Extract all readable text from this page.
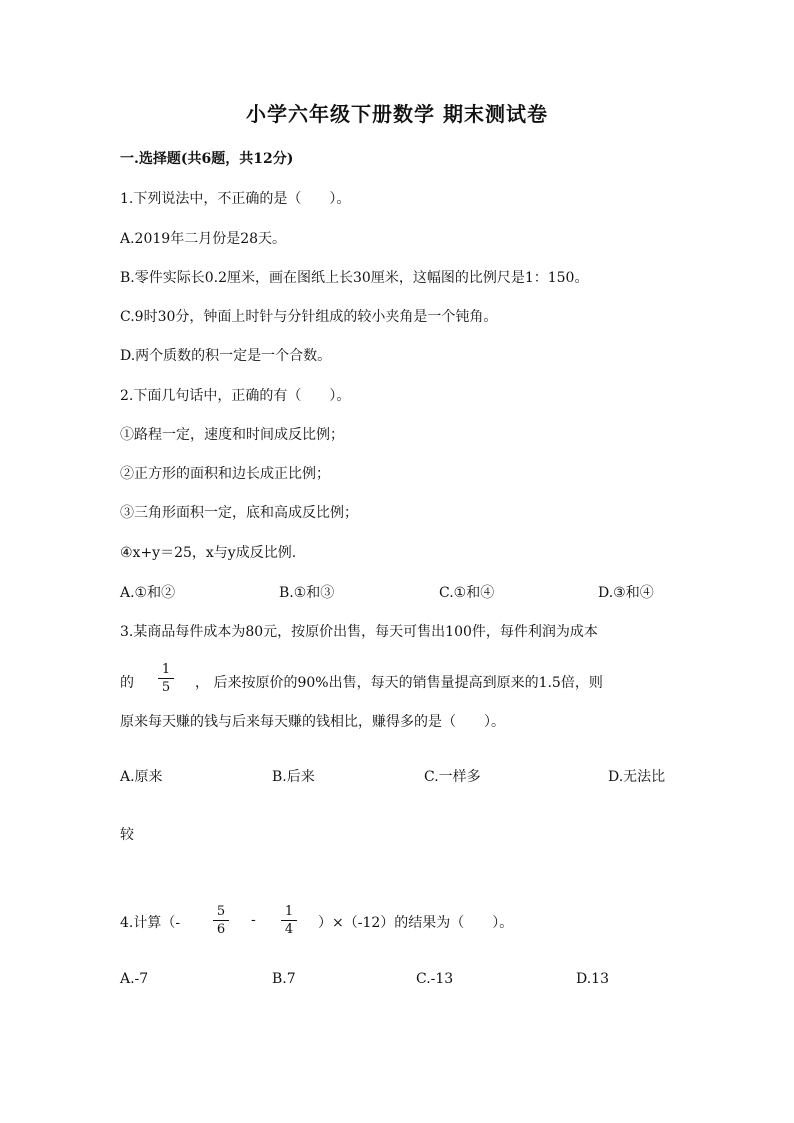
小学六年级下册数学 期末测试卷
一.选择题(共6题，共12分)
1.下列说法中，不正确的是（　　）。
A.2019年二月份是28天。
B.零件实际长0.2厘米，画在图纸上长30厘米，这幅图的比例尺是1：150。
C.9时30分，钟面上时针与分针组成的较小夹角是一个钝角。
D.两个质数的积一定是一个合数。
2.下面几句话中，正确的有（　　）。
①路程一定，速度和时间成反比例；
②正方形的面积和边长成正比例；
③三角形面积一定，底和高成反比例；
④x+y＝25，x与y成反比例.
A.①和②	B.①和③	C.①和④	D.③和④
3.某商品每件成本为80元，按原价出售，每天可售出100件，每件利润为成本
的
1
5 ， 后来按原价的90%出售，每天的销售量提高到原来的1.5倍，则
原来每天赚的钱与后来每天赚的钱相比，赚得多的是（　　）。
A.原来	B.后来	C.一样多	D.无法比
较
4.计算（-
5
6
-
1
4 ）×（-12）的结果为（　　）。
A.-7	B.7	C.-13	D.13
